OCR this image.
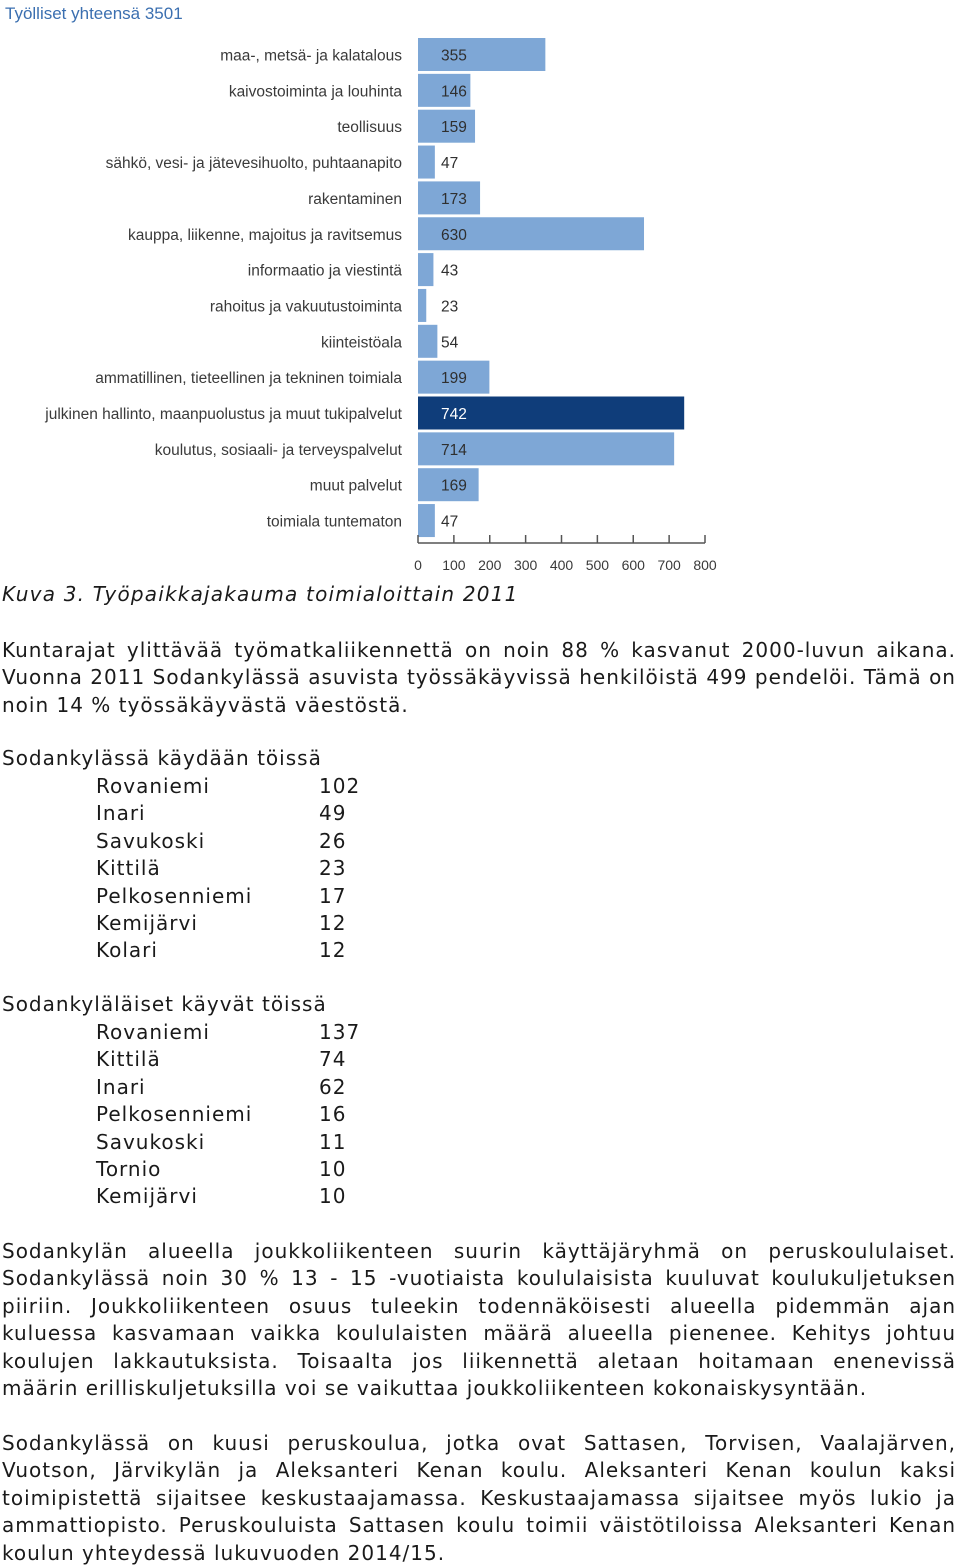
Työlliset yhteensä 3501
maa-, metsä- ja kalatalous	355
kaivostoiminta ja louhinta	146
teollisuus	159
sähkö, vesi- ja jätevesihuolto, puhtaanapito	47
rakentaminen	173
kauppa, liikenne, majoitus ja ravitsemus	630
informaatio ja viestintä	43
rahoitus ja vakuutustoiminta	23
kiinteistöala	54
ammatillinen, tieteellinen ja tekninen toimiala	199
julkinen hallinto, maanpuolustus ja muut tukipalvelut	742
koulutus, sosiaali- ja terveyspalvelut	714
muut palvelut	169
toimiala tuntematon	47
0 100 200 300 400 500 600 700 800
Kuva 3. Työpaikkajakauma toimialoittain 2011

Kuntarajat ylittävää työmatkaliikennettä on noin 88 % kasvanut 2000-luvun aikana. Vuonna 2011 Sodankylässä asuvista työssäkäyvissä henkilöistä 499 pendelöi. Tämä on noin 14 % työssäkäyvästä väestöstä.

Sodankylässä käydään töissä
Rovaniemi	102
Inari	49
Savukoski	26
Kittilä	23
Pelkosenniemi	17
Kemijärvi	12
Kolari	12
Sodankyläläiset käyvät töissä
Rovaniemi	137
Kittilä	74
Inari	62
Pelkosenniemi	16
Savukoski	11
Tornio	10
Kemijärvi	10

Sodankylän alueella joukkoliikenteen suurin käyttäjäryhmä on peruskoululaiset. Sodankylässä noin 30 % 13 - 15 -vuotiaista koululaisista kuuluvat koulukuljetuksen piiriin. Joukkoliikenteen osuus tuleekin todennäköisesti alueella pidemmän ajan kuluessa kasvamaan vaikka koululaisten määrä alueella pienenee. Kehitys johtuu koulujen lakkautuksista. Toisaalta jos liikennettä aletaan hoitamaan enenevissä määrin erilliskuljetuksilla voi se vaikuttaa joukkoliikenteen kokonaiskysyntään.

Sodankylässä on kuusi peruskoulua, jotka ovat Sattasen, Torvisen, Vaalajärven, Vuotson, Järvikylän ja Aleksanteri Kenan koulu. Aleksanteri Kenan koulun kaksi toimipistettä sijaitsee keskustaajamassa. Keskustaajamassa sijaitsee myös lukio ja ammattiopisto. Peruskouluista Sattasen koulu toimii väistötiloissa Aleksanteri Kenan koulun yhteydessä lukuvuoden 2014/15.
